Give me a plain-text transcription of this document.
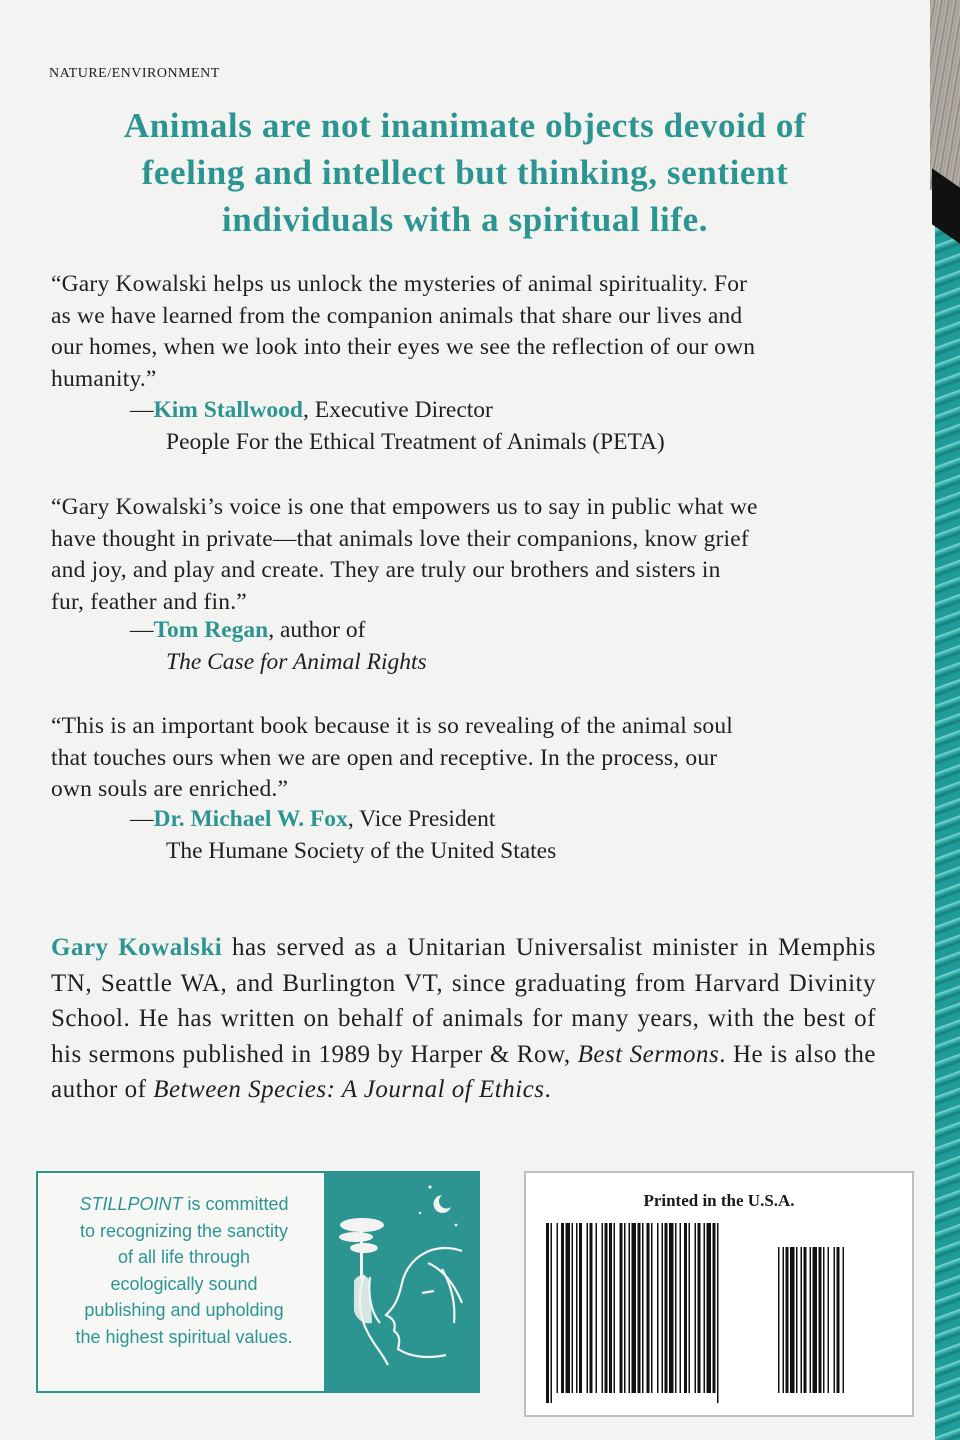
NATURE/ENVIRONMENT
Animals are not inanimate objects devoid of
feeling and intellect but thinking, sentient
individuals with a spiritual life.
“Gary Kowalski helps us unlock the mysteries of animal spirituality. For
as we have learned from the companion animals that share our lives and
our homes, when we look into their eyes we see the reflection of our own
humanity.”
—Kim Stallwood, Executive Director
People For the Ethical Treatment of Animals (PETA)
“Gary Kowalski’s voice is one that empowers us to say in public what we
have thought in private—that animals love their companions, know grief
and joy, and play and create. They are truly our brothers and sisters in
fur, feather and fin.”
—Tom Regan, author of
The Case for Animal Rights
“This is an important book because it is so revealing of the animal soul
that touches ours when we are open and receptive. In the process, our
own souls are enriched.”
—Dr. Michael W. Fox, Vice President
The Humane Society of the United States
Gary Kowalski has served as a Unitarian Universalist minister in Memphis TN, Seattle WA, and Burlington VT, since graduating from Harvard Divinity School. He has written on behalf of animals for many years, with the best of his sermons published in 1989 by Harper & Row, Best Sermons. He is also the author of Between Species: A Journal of Ethics.
STILLPOINT is committed
to recognizing the sanctity
of all life through
ecologically sound
publishing and upholding
the highest spiritual values.
Printed in the U.S.A.
